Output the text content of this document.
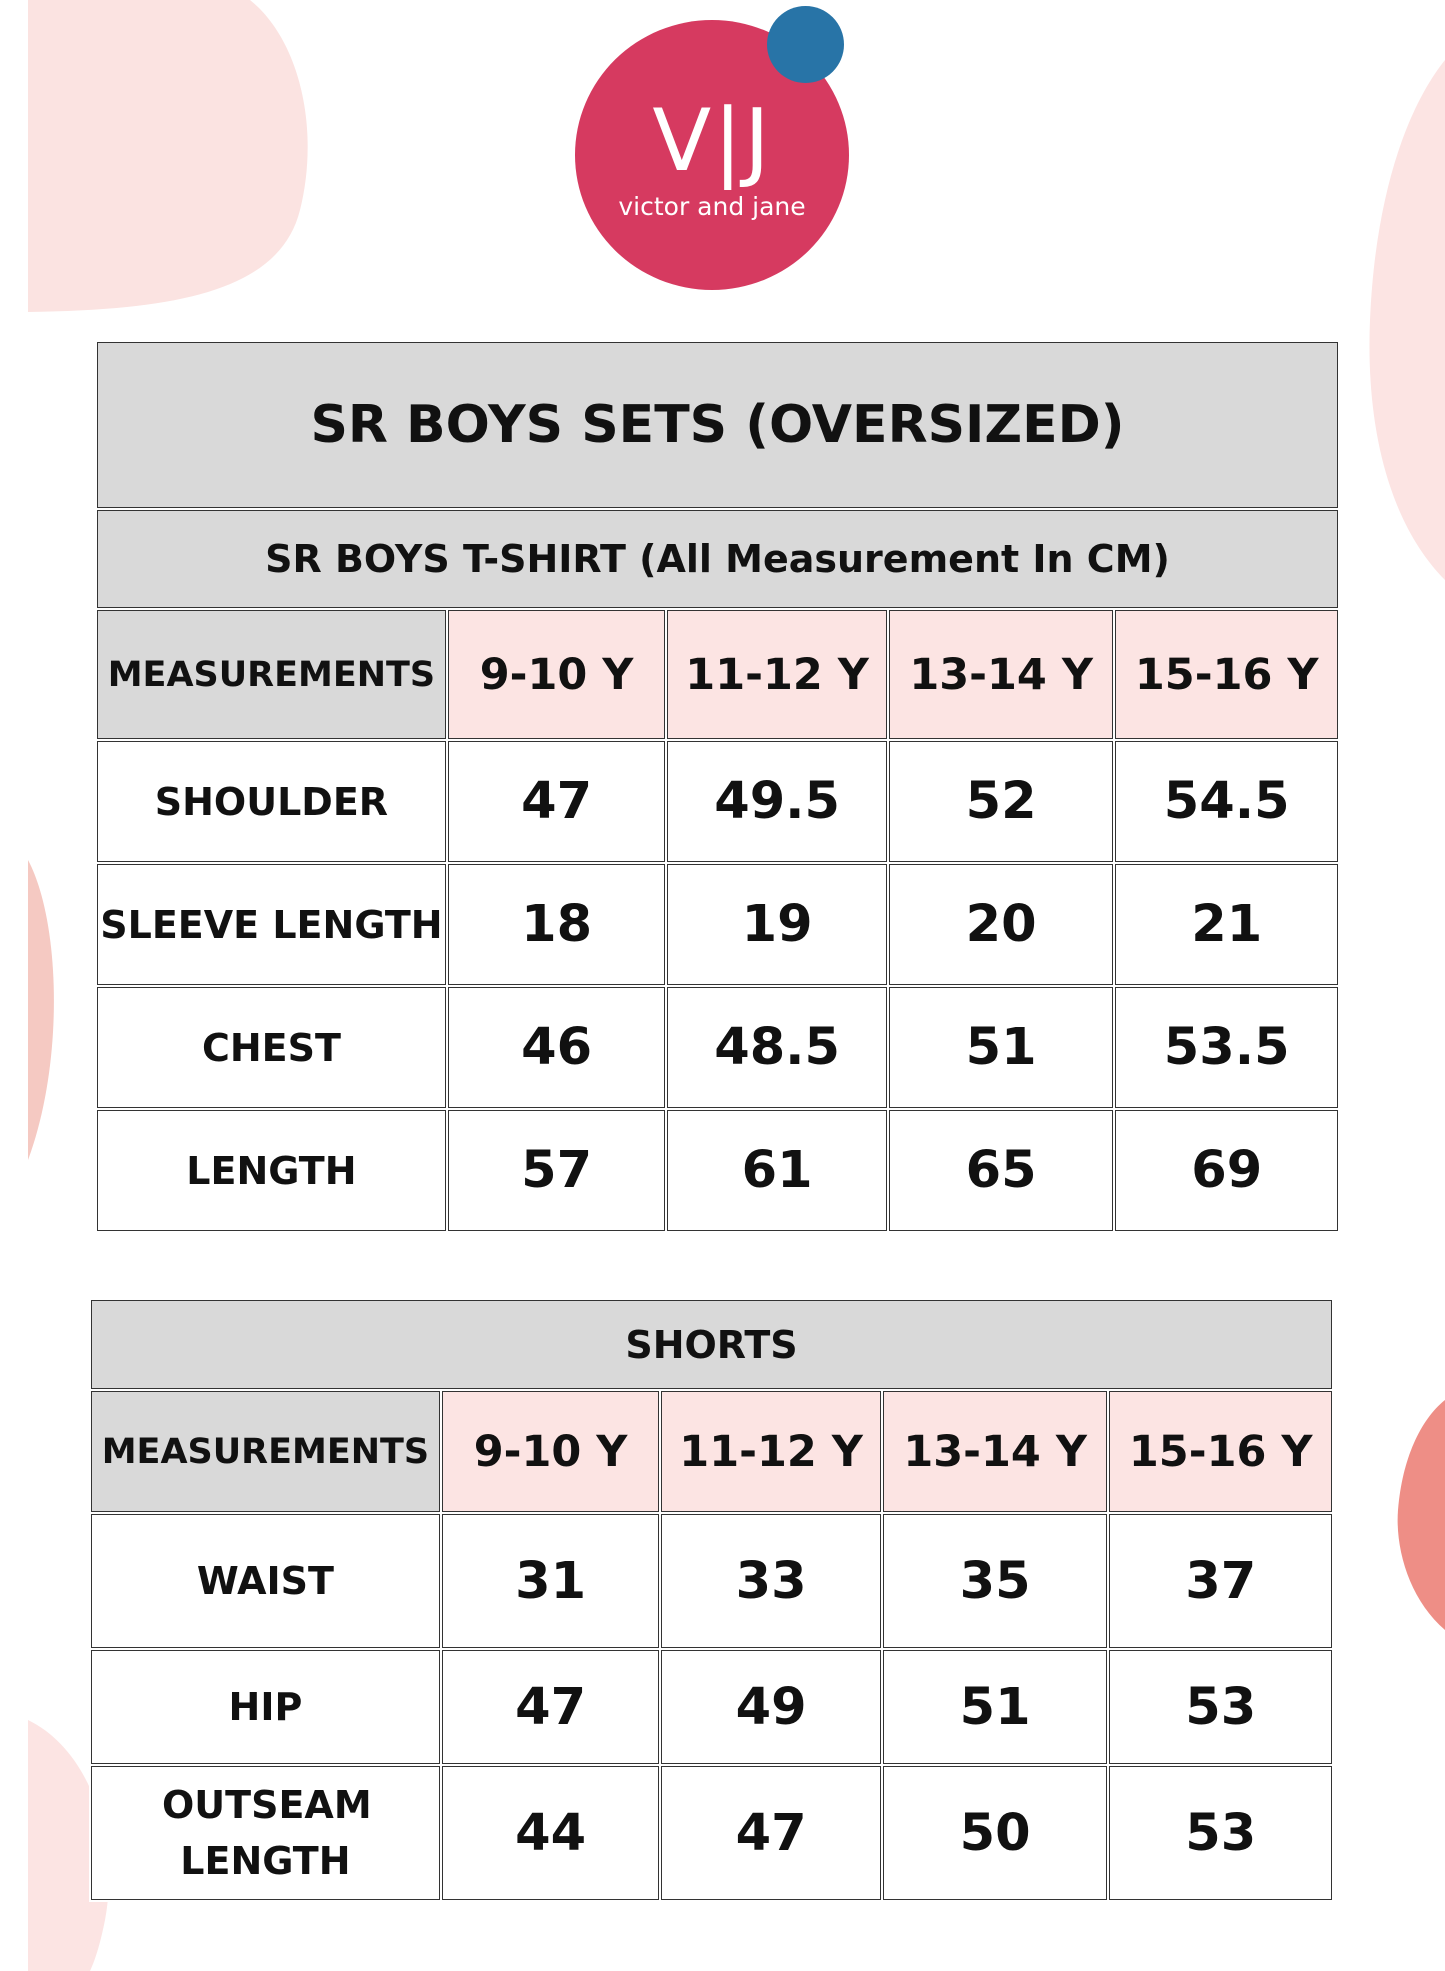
V|J
victor and jane
SR BOYS SETS (OVERSIZED)				
SR BOYS T-SHIRT (All Measurement In CM)				
MEASUREMENTS	9-10 Y	11-12 Y	13-14 Y	15-16 Y
SHOULDER	47	49.5	52	54.5
SLEEVE LENGTH	18	19	20	21
CHEST	46	48.5	51	53.5
LENGTH	57	61	65	69
SHORTS				
MEASUREMENTS	9-10 Y	11-12 Y	13-14 Y	15-16 Y
WAIST	31	33	35	37
HIP	47	49	51	53
OUTSEAM LENGTH	44	47	50	53
